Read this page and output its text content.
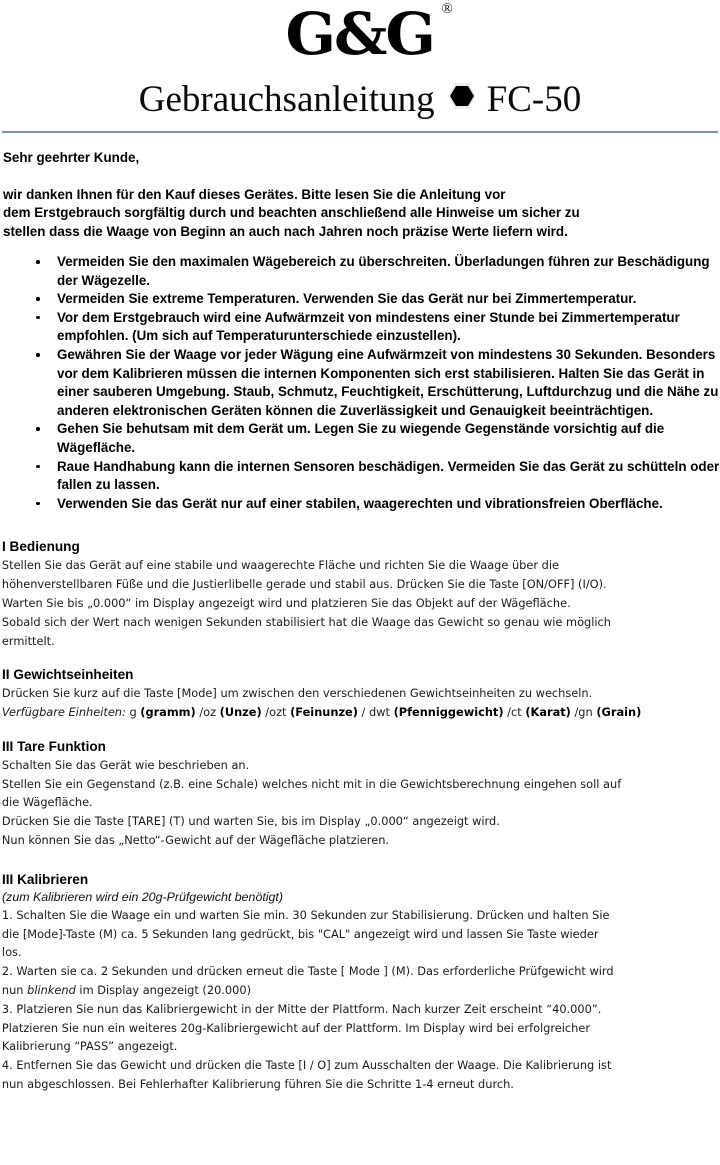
G&G ®
Gebrauchsanleitung FC-50
Sehr geehrter Kunde,

wir danken Ihnen für den Kauf dieses Gerätes. Bitte lesen Sie die Anleitung vor

dem Erstgebrauch sorgfältig durch und beachten anschließend alle Hinweise um sicher zu

stellen dass die Waage von Beginn an auch nach Jahren noch präzise Werte liefern wird.

Vermeiden Sie den maximalen Wägebereich zu überschreiten. Überladungen führen zur Beschädigung der Wägezelle.
Vermeiden Sie extreme Temperaturen. Verwenden Sie das Gerät nur bei Zimmertemperatur.
Vor dem Erstgebrauch wird eine Aufwärmzeit von mindestens einer Stunde bei Zimmertemperatur empfohlen. (Um sich auf Temperaturunterschiede einzustellen).
Gewähren Sie der Waage vor jeder Wägung eine Aufwärmzeit von mindestens 30 Sekunden. Besonders vor dem Kalibrieren müssen die internen Komponenten sich erst stabilisieren. Halten Sie das Gerät in einer sauberen Umgebung. Staub, Schmutz, Feuchtigkeit, Erschütterung, Luftdurchzug und die Nähe zu anderen elektronischen Geräten können die Zuverlässigkeit und Genauigkeit beeinträchtigen.
Gehen Sie behutsam mit dem Gerät um. Legen Sie zu wiegende Gegenstände vorsichtig auf die Wägefläche.
Raue Handhabung kann die internen Sensoren beschädigen. Vermeiden Sie das Gerät zu schütteln oder fallen zu lassen.
Verwenden Sie das Gerät nur auf einer stabilen, waagerechten und vibrationsfreien Oberfläche.
I Bedienung

Stellen Sie das Gerät auf eine stabile und waagerechte Fläche und richten Sie die Waage über die

höhenverstellbaren Füße und die Justierlibelle gerade und stabil aus. Drücken Sie die Taste [ON/OFF] (I/O).

Warten Sie bis „0.000“ im Display angezeigt wird und platzieren Sie das Objekt auf der Wägefläche.

Sobald sich der Wert nach wenigen Sekunden stabilisiert hat die Waage das Gewicht so genau wie möglich

ermittelt.

II Gewichtseinheiten

Drücken Sie kurz auf die Taste [Mode] um zwischen den verschiedenen Gewichtseinheiten zu wechseln.

Verfügbare Einheiten: g (gramm) /oz (Unze) /ozt (Feinunze) / dwt (Pfenniggewicht) /ct (Karat) /gn (Grain)

III Tare Funktion

Schalten Sie das Gerät wie beschrieben an.

Stellen Sie ein Gegenstand (z.B. eine Schale) welches nicht mit in die Gewichtsberechnung eingehen soll auf

die Wägefläche.

Drücken Sie die Taste [TARE] (T) und warten Sie, bis im Display „0.000“ angezeigt wird.

Nun können Sie das „Netto“-Gewicht auf der Wägefläche platzieren.

III Kalibrieren
(zum Kalibrieren wird ein 20g-Prüfgewicht benötigt)

1. Schalten Sie die Waage ein und warten Sie min. 30 Sekunden zur Stabilisierung. Drücken und halten Sie

die [Mode]-Taste (M) ca. 5 Sekunden lang gedrückt, bis "CAL" angezeigt wird und lassen Sie Taste wieder

los.

2. Warten sie ca. 2 Sekunden und drücken erneut die Taste [ Mode ] (M). Das erforderliche Prüfgewicht wird

nun blinkend im Display angezeigt (20.000)

3. Platzieren Sie nun das Kalibriergewicht in der Mitte der Plattform. Nach kurzer Zeit erscheint “40.000”.

Platzieren Sie nun ein weiteres 20g-Kalibriergewicht auf der Plattform. Im Display wird bei erfolgreicher

Kalibrierung “PASS” angezeigt.

4. Entfernen Sie das Gewicht und drücken die Taste [I / O] zum Ausschalten der Waage. Die Kalibrierung ist

nun abgeschlossen. Bei Fehlerhafter Kalibrierung führen Sie die Schritte 1-4 erneut durch.
